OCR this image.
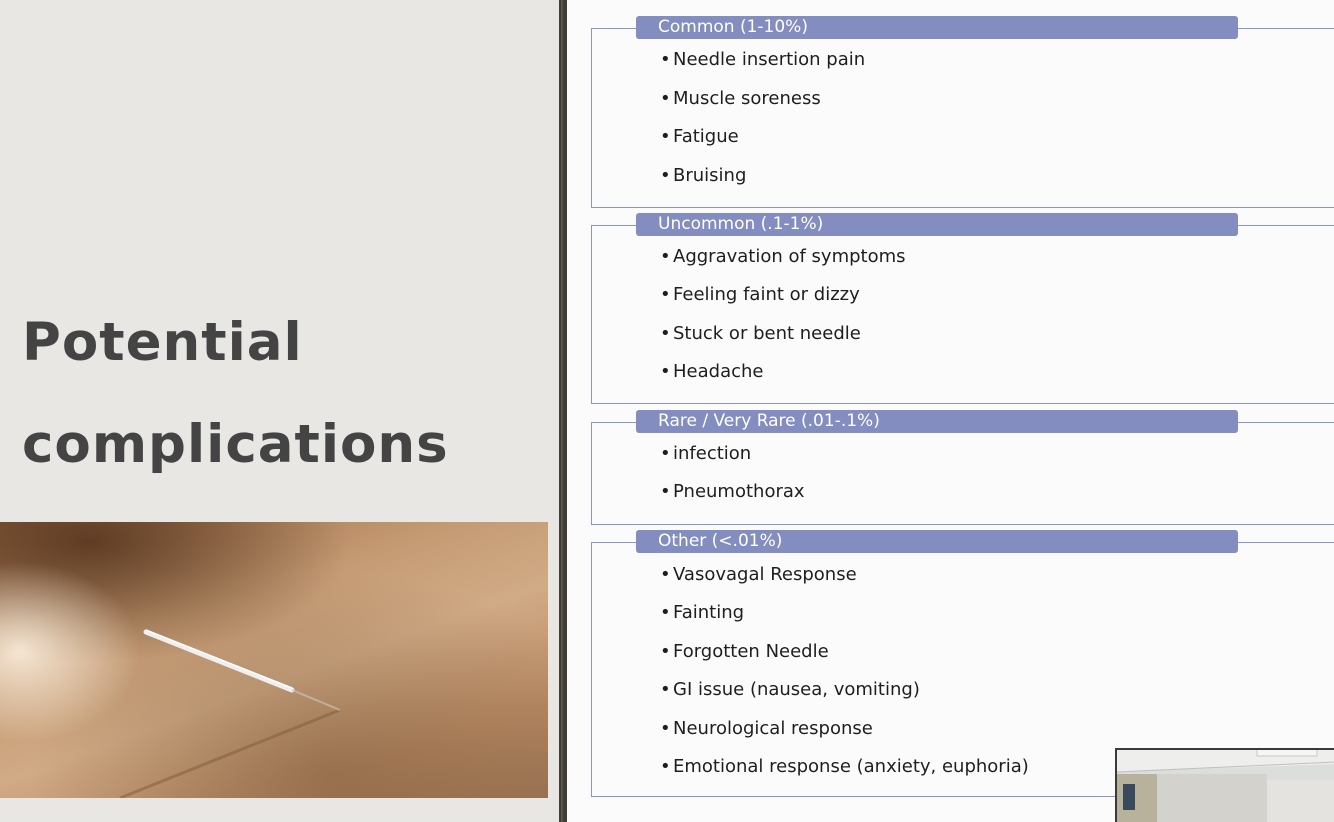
Potential
complications
Common (1-10%)
• Needle insertion pain
• Muscle soreness
• Fatigue
• Bruising
Uncommon (.1-1%)
• Aggravation of symptoms
• Feeling faint or dizzy
• Stuck or bent needle
• Headache
Rare / Very Rare (.01-.1%)
• infection
• Pneumothorax
Other (<.01%)
• Vasovagal Response
• Fainting
• Forgotten Needle
• GI issue (nausea, vomiting)
• Neurological response
• Emotional response (anxiety, euphoria)
